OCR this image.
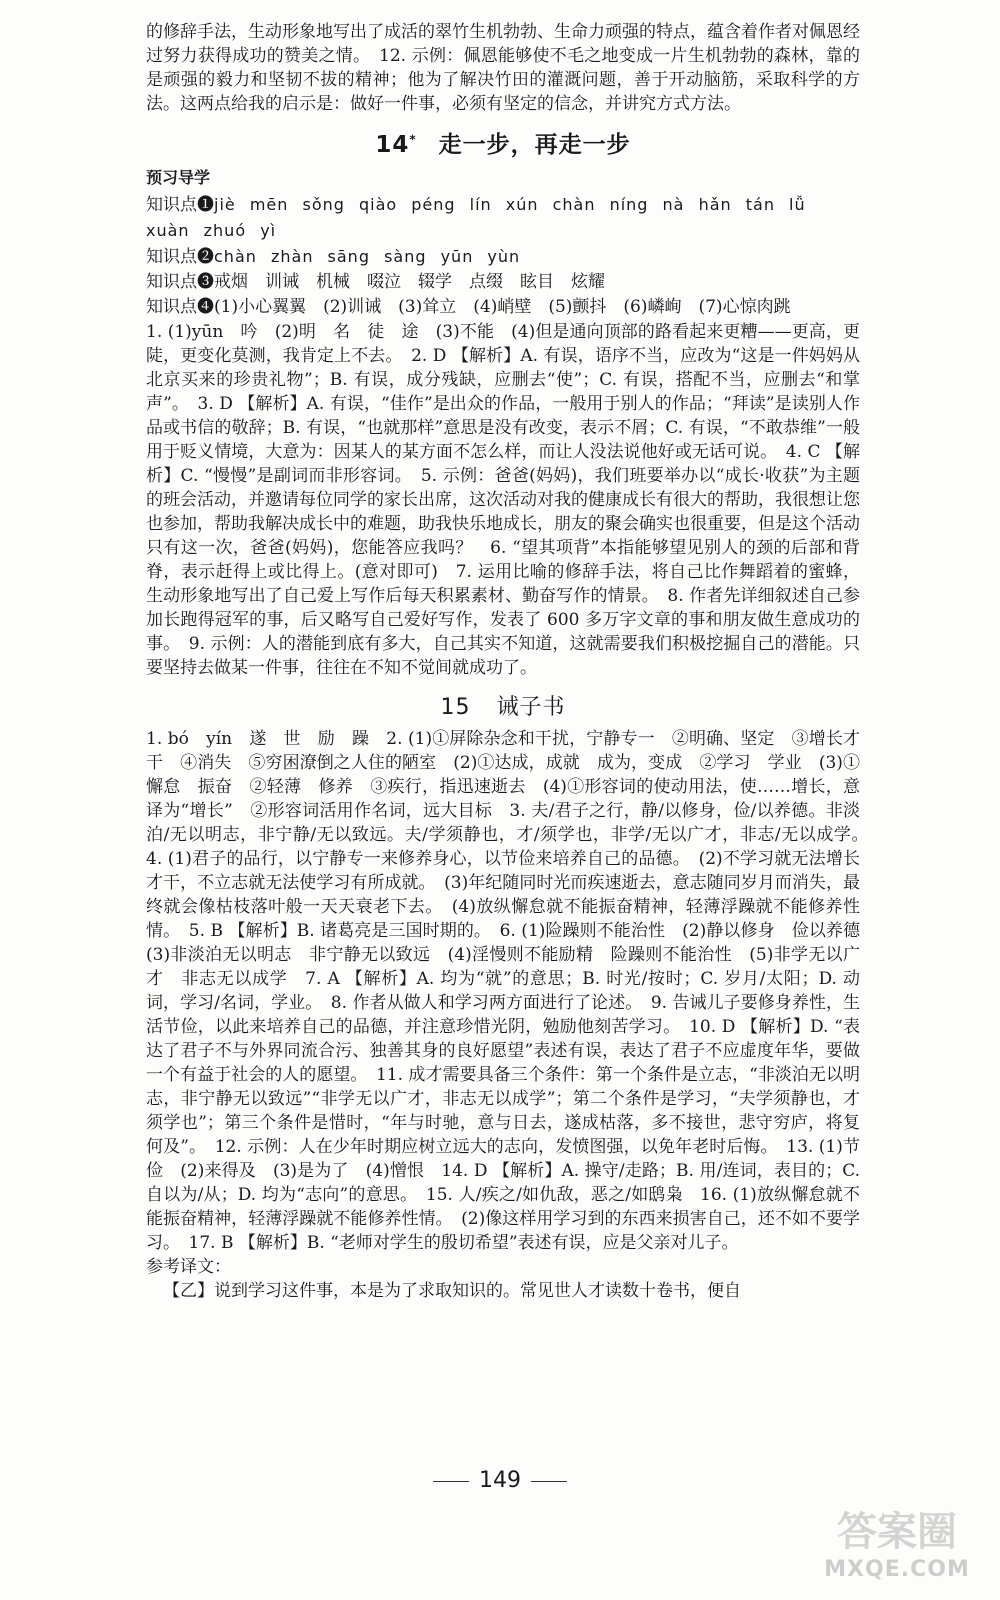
的修辞手法，生动形象地写出了成活的翠竹生机勃勃、生命力顽强的特点，蕴含着作者对佩恩经过努力获得成功的赞美之情。　12. 示例：佩恩能够使不毛之地变成一片生机勃勃的森林，靠的是顽强的毅力和坚韧不拔的精神；他为了解决竹田的灌溉问题，善于开动脑筋，采取科学的方法。这两点给我的启示是：做好一件事，必须有坚定的信念，并讲究方式方法。

14* 走一步，再走一步
预习导学

知识点❶jiè mēn sǒng qiào péng lín xún chàn níng nà hǎn tán lǚ xuàn zhuó yì

知识点❷chàn zhàn sāng sàng yūn yùn

知识点❸戒烟　训诫　机械　啜泣　辍学　点缀　眩目　炫耀

知识点❹(1)小心翼翼　(2)训诫　(3)耸立　(4)峭壁　(5)颤抖　(6)嶙峋　(7)心惊肉跳

1. (1)yūn　吟　(2)明　名　徒　途　(3)不能　(4)但是通向顶部的路看起来更糟——更高，更陡，更变化莫测，我肯定上不去。　2. D 【解析】A. 有误，语序不当，应改为“这是一件妈妈从北京买来的珍贵礼物”；B. 有误，成分残缺，应删去“使”；C. 有误，搭配不当，应删去“和掌声”。　3. D 【解析】A. 有误，“佳作”是出众的作品，一般用于别人的作品；“拜读”是读别人作品或书信的敬辞；B. 有误，“也就那样”意思是没有改变，表示不屑；C. 有误，“不敢恭维”一般用于贬义情境，大意为：因某人的某方面不怎么样，而让人没法说他好或无话可说。　4. C 【解析】C. “慢慢”是副词而非形容词。　5. 示例：爸爸(妈妈)，我们班要举办以“成长·收获”为主题的班会活动，并邀请每位同学的家长出席，这次活动对我的健康成长有很大的帮助，我很想让您也参加，帮助我解决成长中的难题，助我快乐地成长，朋友的聚会确实也很重要，但是这个活动只有这一次，爸爸(妈妈)，您能答应我吗？　6. “望其项背”本指能够望见别人的颈的后部和背脊，表示赶得上或比得上。(意对即可)　7. 运用比喻的修辞手法，将自己比作舞蹈着的蜜蜂，生动形象地写出了自己爱上写作后每天积累素材、勤奋写作的情景。　8. 作者先详细叙述自己参加长跑得冠军的事，后又略写自己爱好写作，发表了 600 多万字文章的事和朋友做生意成功的事。　9. 示例：人的潜能到底有多大，自己其实不知道，这就需要我们积极挖掘自己的潜能。只要坚持去做某一件事，往往在不知不觉间就成功了。

15 诫子书

1. bó　yín　遂　世　励　躁　2. (1)①屏除杂念和干扰，宁静专一　②明确、坚定　③增长才干　④消失　⑤穷困潦倒之人住的陋室　(2)①达成，成就　成为，变成　②学习　学业　(3)①懈怠　振奋　②轻薄　修养　③疾行，指迅速逝去　(4)①形容词的使动用法，使……增长，意译为“增长”　②形容词活用作名词，远大目标　3. 夫/君子之行，静/以修身，俭/以养德。非淡泊/无以明志，非宁静/无以致远。夫/学须静也，才/须学也，非学/无以广才，非志/无以成学。　4. (1)君子的品行，以宁静专一来修养身心，以节俭来培养自己的品德。　(2)不学习就无法增长才干，不立志就无法使学习有所成就。　(3)年纪随同时光而疾速逝去，意志随同岁月而消失，最终就会像枯枝落叶般一天天衰老下去。　(4)放纵懈怠就不能振奋精神，轻薄浮躁就不能修养性情。　5. B 【解析】B. 诸葛亮是三国时期的。　6. (1)险躁则不能治性　(2)静以修身　俭以养德　(3)非淡泊无以明志　非宁静无以致远　(4)淫慢则不能励精　险躁则不能治性　(5)非学无以广才　非志无以成学　7. A 【解析】A. 均为“就”的意思；B. 时光/按时；C. 岁月/太阳；D. 动词，学习/名词，学业。　8. 作者从做人和学习两方面进行了论述。　9. 告诫儿子要修身养性，生活节俭，以此来培养自己的品德，并注意珍惜光阴，勉励他刻苦学习。　10. D 【解析】D. “表达了君子不与外界同流合污、独善其身的良好愿望”表述有误，表达了君子不应虚度年华，要做一个有益于社会的人的愿望。　11. 成才需要具备三个条件：第一个条件是立志，“非淡泊无以明志，非宁静无以致远”“非学无以广才，非志无以成学”；第二个条件是学习，“夫学须静也，才须学也”；第三个条件是惜时，“年与时驰，意与日去，遂成枯落，多不接世，悲守穷庐，将复何及”。　12. 示例：人在少年时期应树立远大的志向，发愤图强，以免年老时后悔。　13. (1)节俭　(2)来得及　(3)是为了　(4)憎恨　14. D 【解析】A. 操守/走路；B. 用/连词，表目的；C. 自以为/从；D. 均为“志向”的意思。　15. 人/疾之/如仇敌，恶之/如鸱枭　16. (1)放纵懈怠就不能振奋精神，轻薄浮躁就不能修养性情。　(2)像这样用学习到的东西来损害自己，还不如不要学习。　17. B 【解析】B. “老师对学生的殷切希望”表述有误，应是父亲对儿子。

参考译文：

【乙】说到学习这件事，本是为了求取知识的。常见世人才读数十卷书，便自

149
答案圈
MXQE.COM
